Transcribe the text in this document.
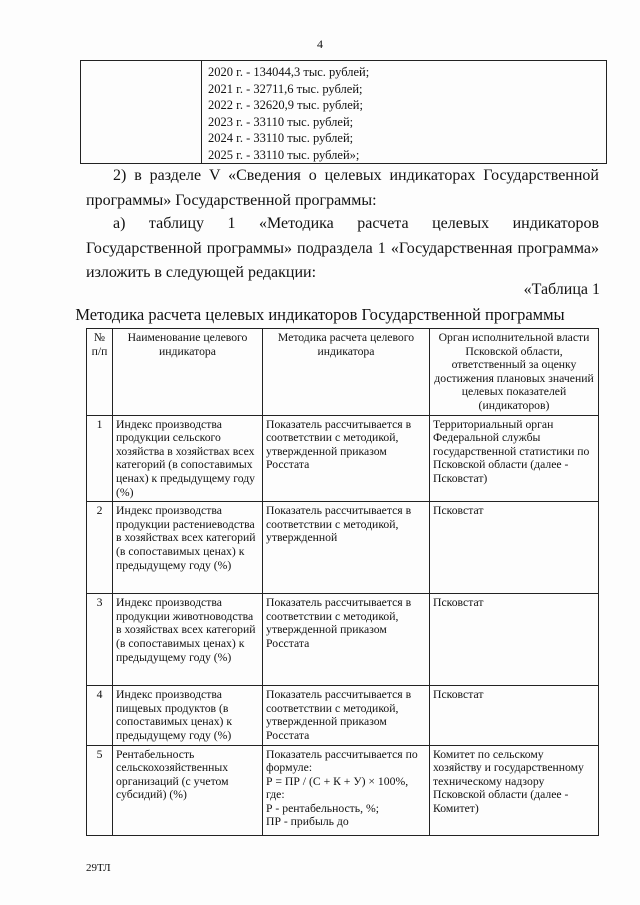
4

2020 г. - 134044,3 тыс. рублей;
2021 г. - 32711,6 тыс. рублей;
2022 г. - 32620,9 тыс. рублей;
2023 г. - 33110 тыс. рублей;
2024 г. - 33110 тыс. рублей;
2025 г. - 33110 тыс. рублей»;
2) в разделе V «Сведения о целевых индикаторах Государственной программы» Государственной программы:
а) таблицу 1 «Методика расчета целевых индикаторов Государственной программы» подраздела 1 «Государственная программа» изложить в следующей редакции:
«Таблица 1
Методика расчета целевых индикаторов Государственной программы
№ п/п	Наименование целевого индикатора	Методика расчета целевого индикатора	Орган исполнительной власти Псковской области, ответственный за оценку достижения плановых значений целевых показателей (индикаторов)
1	Индекс производства продукции сельского хозяйства в хозяйствах всех категорий (в сопоставимых ценах) к предыдущему году (%)	Показатель рассчитывается в соответствии с методикой, утвержденной приказом Росстата	Территориальный орган Федеральной службы государственной статистики по Псковской области (далее - Псковстат)
2	Индекс производства продукции растениеводства в хозяйствах всех категорий (в сопоставимых ценах) к предыдущему году (%)	Показатель рассчитывается в соответствии с методикой, утвержденной	Псковстат
3	Индекс производства продукции животноводства в хозяйствах всех категорий (в сопоставимых ценах) к предыдущему году (%)	Показатель рассчитывается в соответствии с методикой, утвержденной приказом Росстата	Псковстат
4	Индекс производства пищевых продуктов (в сопоставимых ценах) к предыдущему году (%)	Показатель рассчитывается в соответствии с методикой, утвержденной приказом Росстата	Псковстат
5	Рентабельность сельскохозяйственных организаций (с учетом субсидий) (%)	Показатель рассчитывается по формуле:
Р = ПР / (С + К + У) × 100%,
где:
Р - рентабельность, %;
ПР - прибыль до	Комитет по сельскому хозяйству и государственному техническому надзору Псковской области (далее - Комитет)
29ТЛ
